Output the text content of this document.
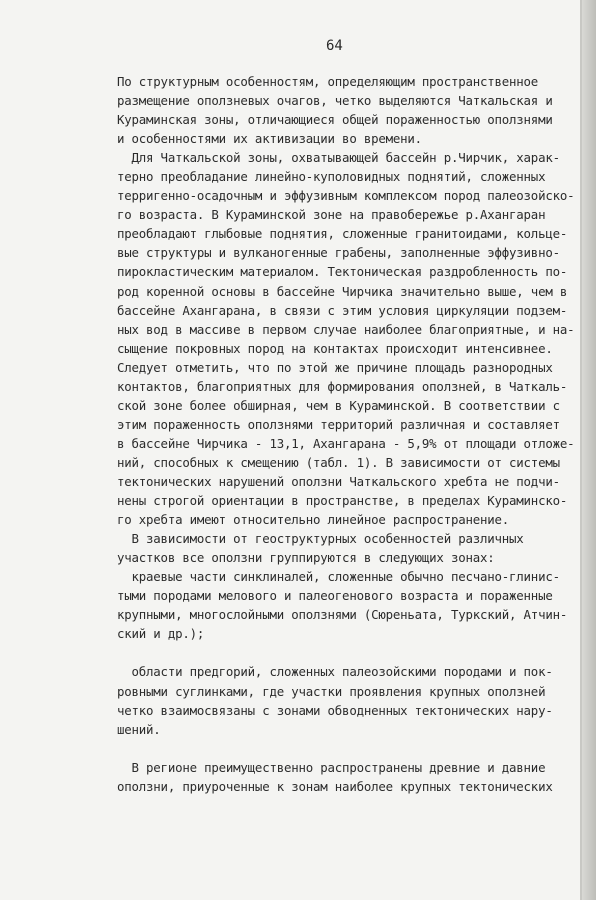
64
По структурным особенностям, определяющим пространственное
размещение оползневых очагов, четко выделяются Чаткальская и
Кураминская зоны, отличающиеся общей пораженностью оползнями
и особенностями их активизации во времени.
Для Чаткальской зоны, охватывающей бассейн р.Чирчик, харак-
терно преобладание линейно-куполовидных поднятий, сложенных
терригенно-осадочным и эффузивным комплексом пород палеозойско-
го возраста. В Кураминской зоне на правобережье р.Ахангаран
преобладают глыбовые поднятия, сложенные гранитоидами, кольце-
вые структуры и вулканогенные грабены, заполненные эффузивно-
пирокластическим материалом. Тектоническая раздробленность по-
род коренной основы в бассейне Чирчика значительно выше, чем в
бассейне Ахангарана, в связи с этим условия циркуляции подзем-
ных вод в массиве в первом случае наиболее благоприятные, и на-
сыщение покровных пород на контактах происходит интенсивнее.
Следует отметить, что по этой же причине площадь разнородных
контактов, благоприятных для формирования оползней, в Чаткаль-
ской зоне более обширная, чем в Кураминской. В соответствии с
этим пораженность оползнями территорий различная и составляет
в бассейне Чирчика - 13,1, Ахангарана - 5,9% от площади отложе-
ний, способных к смещению (табл. 1). В зависимости от системы
тектонических нарушений оползни Чаткальского хребта не подчи-
нены строгой ориентации в пространстве, в пределах Кураминско-
го хребта имеют относительно линейное распространение.
В зависимости от геоструктурных особенностей различных
участков все оползни группируются в следующих зонах:
краевые части синклиналей, сложенные обычно песчано-глинис-
тыми породами мелового и палеогенового возраста и пораженные
крупными, многослойными оползнями (Сюреньата, Туркский, Атчин-
ский и др.);
области предгорий, сложенных палеозойскими породами и пок-
ровными суглинками, где участки проявления крупных оползней
четко взаимосвязаны с зонами обводненных тектонических нару-
шений.
В регионе преимущественно распространены древние и давние
оползни, приуроченные к зонам наиболее крупных тектонических
